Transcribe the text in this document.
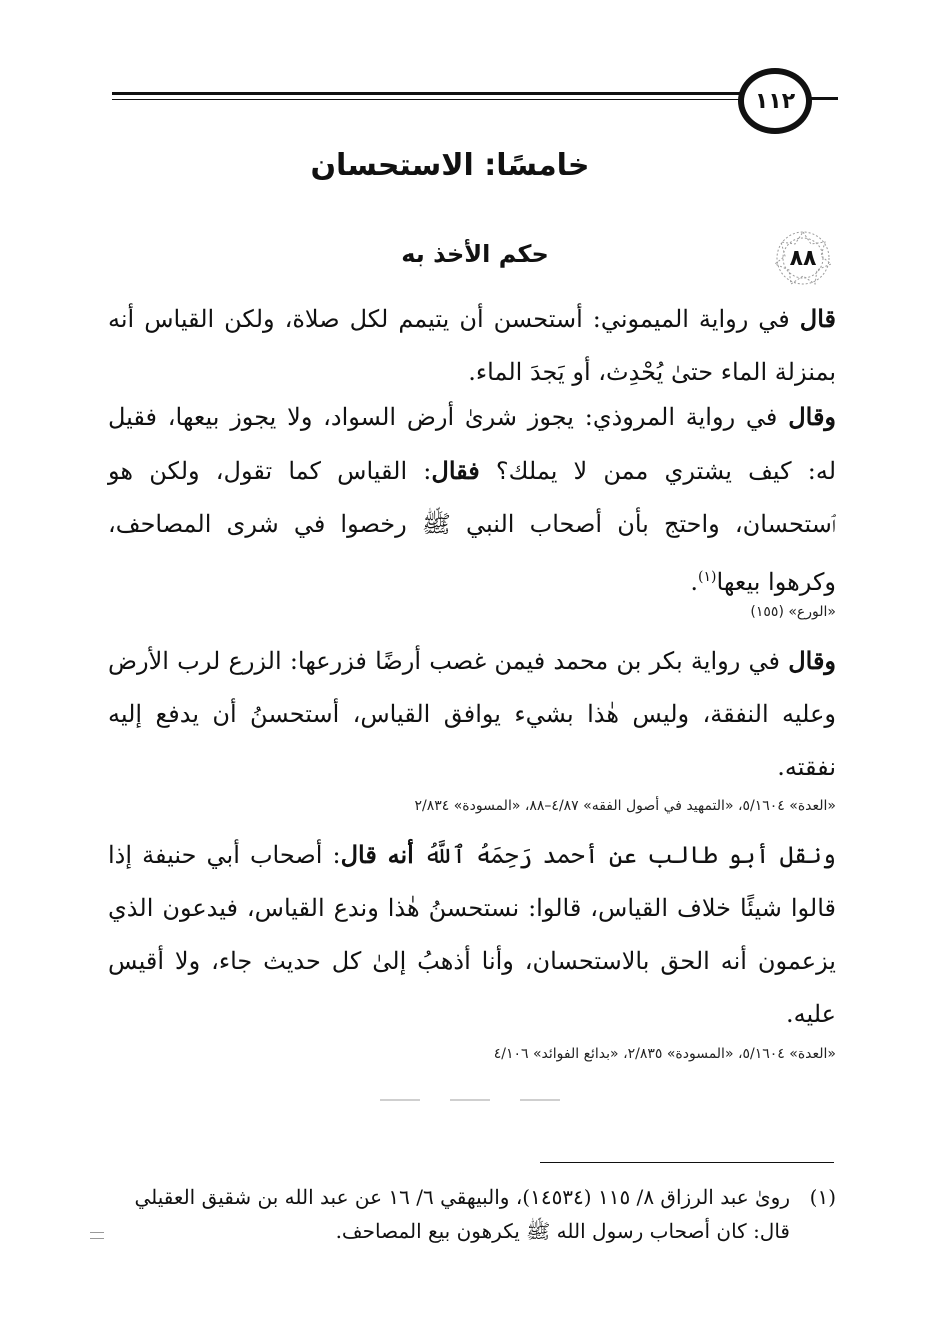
١١٢
خامسًا: الاستحسان
٨٨
حكم الأخذ به

قال في رواية الميموني: أستحسن أن يتيمم لكل صلاة، ولكن القياس أنه بمنزلة الماء حتىٰ يُحْدِث، أو يَجدَ الماء.

وقال في رواية المروذي: يجوز شرىٰ أرض السواد، ولا يجوز بيعها، فقيل له: كيف يشتري ممن لا يملك؟ فقال: القياس كما تقول، ولكن هو ٱستحسان، واحتج بأن أصحاب النبي ﷺ رخصوا في شرى المصاحف، وكرهوا بيعها$^{(١)}$.

«الورع» (١٥٥)

وقال في رواية بكر بن محمد فيمن غصب أرضًا فزرعها: الزرع لرب الأرض وعليه النفقة، وليس هٰذا بشيء يوافق القياس، أستحسنُ أن يدفع إليه نفقته.

«العدة» ٥/١٦٠٤، «التمهيد في أصول الفقه» ٤/٨٧–٨٨، «المسودة» ٢/٨٣٤

ونقل أبو طالب عن أحمد رَحِمَهُ ٱللَّهُ أنه قال: أصحاب أبي حنيفة إذا قالوا شيئًا خلاف القياس، قالوا: نستحسنُ هٰذا وندع القياس، فيدعون الذي يزعمون أنه الحق بالاستحسان، وأنا أذهبُ إلىٰ كل حديث جاء، ولا أقيس عليه.

«العدة» ٥/١٦٠٤، «المسودة» ٢/٨٣٥، «بدائع الفوائد» ٤/١٠٦
(١)رویٰ عبد الرزاق ٨/ ١١٥ (١٤٥٣٤)، والبيهقي ٦/ ١٦ عن عبد الله بن شقيق العقيلي
قال: كان أصحاب رسول الله ﷺ يكرهون بيع المصاحف.
